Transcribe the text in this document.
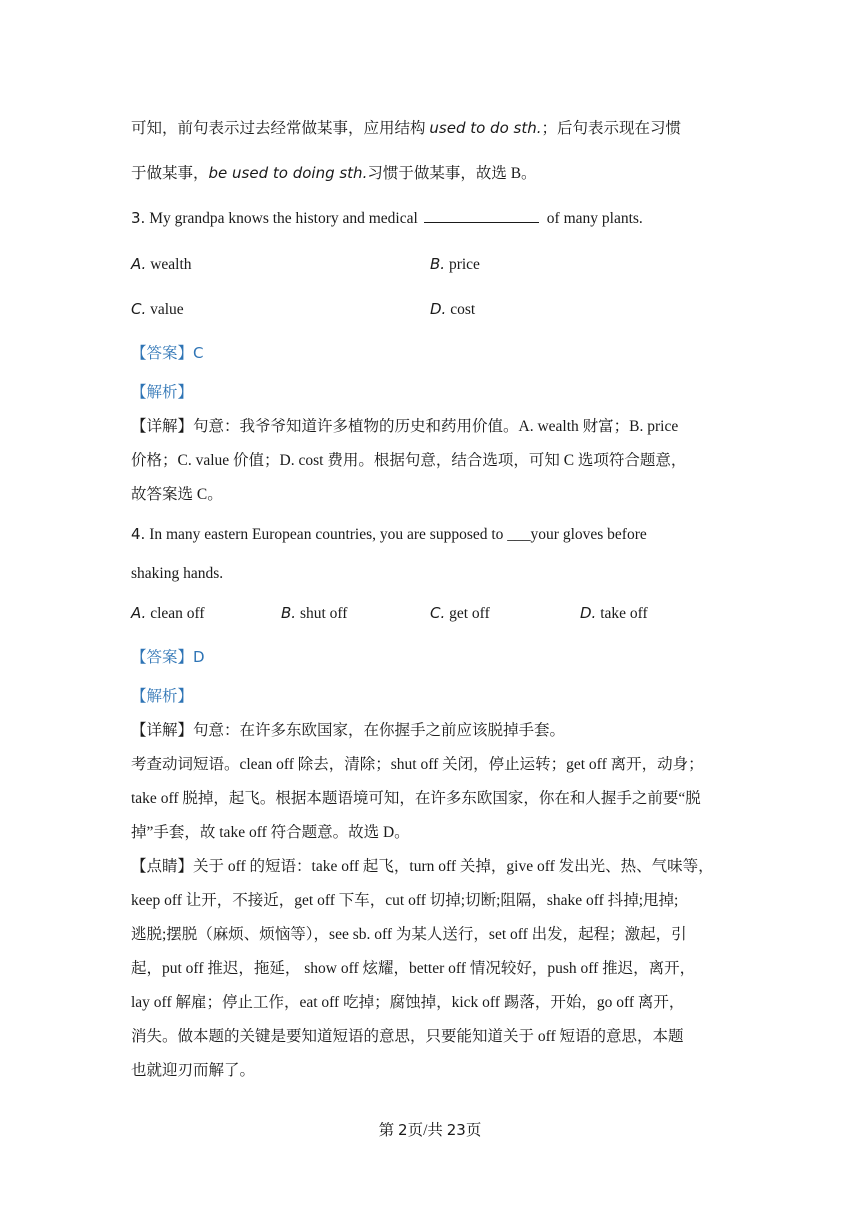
可知，前句表示过去经常做某事，应用结构 used to do sth.；后句表示现在习惯
于做某事，be used to doing sth.习惯于做某事，故选 B。
3. My grandpa knows the history and medical	of many plants.
A. wealth	B. price
C. value	D. cost
【答案】C
【解析】
【详解】句意：我爷爷知道许多植物的历史和药用价值。A. wealth 财富；B. price
价格；C. value 价值；D. cost 费用。根据句意，结合选项，可知 C 选项符合题意，
故答案选 C。
4. In many eastern European countries, you are supposed to ___your gloves before
shaking hands.
A. clean off	B. shut off	C. get off	D. take off
【答案】D
【解析】
【详解】句意：在许多东欧国家，在你握手之前应该脱掉手套。
考查动词短语。clean off 除去，清除；shut off 关闭，停止运转；get off 离开，动身；
take off 脱掉，起飞。根据本题语境可知，在许多东欧国家，你在和人握手之前要“脱
掉”手套，故 take off 符合题意。故选 D。
【点睛】关于 off 的短语：take off 起飞，turn off 关掉，give off 发出光、热、气味等，
keep off 让开，不接近，get off 下车，cut off 切掉;切断;阻隔，shake off 抖掉;甩掉;
逃脱;摆脱（麻烦、烦恼等），see sb. off 为某人送行，set off 出发，起程；激起，引
起，put off 推迟，拖延， show off 炫耀，better off 情况较好，push off 推迟，离开，
lay off 解雇；停止工作，eat off 吃掉；腐蚀掉，kick off 踢落，开始，go off 离开，
消失。做本题的关键是要知道短语的意思，只要能知道关于 off 短语的意思，本题
也就迎刃而解了。
第 2页/共 23页
